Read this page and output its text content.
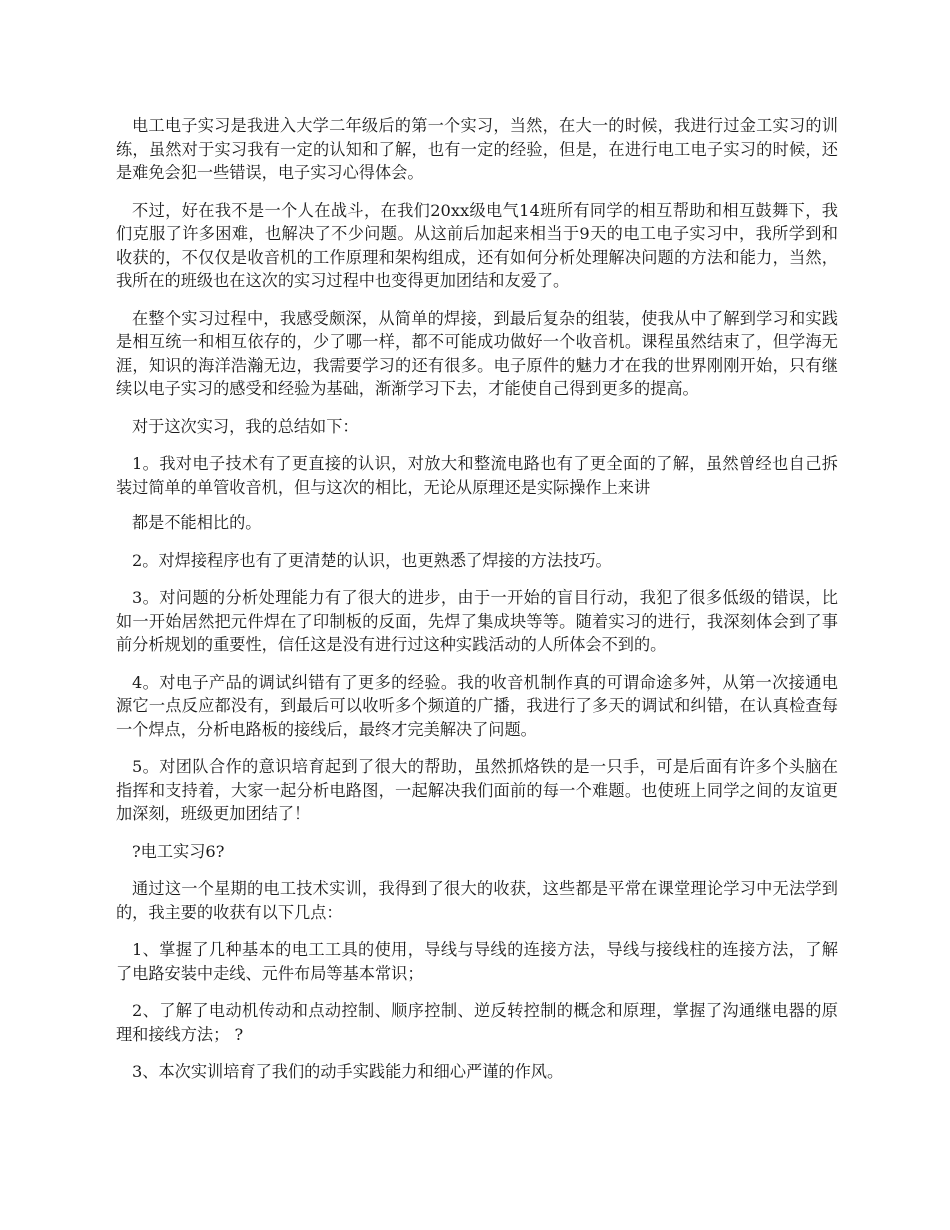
电工电子实习是我进入大学二年级后的第一个实习，当然，在大一的时候，我进行过金工实习的训练，虽然对于实习我有一定的认知和了解，也有一定的经验，但是，在进行电工电子实习的时候，还是难免会犯一些错误，电子实习心得体会。

不过，好在我不是一个人在战斗，在我们20xx级电气14班所有同学的相互帮助和相互鼓舞下，我们克服了许多困难，也解决了不少问题。从这前后加起来相当于9天的电工电子实习中，我所学到和收获的，不仅仅是收音机的工作原理和架构组成，还有如何分析处理解决问题的方法和能力，当然，我所在的班级也在这次的实习过程中也变得更加团结和友爱了。

在整个实习过程中，我感受颇深，从简单的焊接，到最后复杂的组装，使我从中了解到学习和实践是相互统一和相互依存的，少了哪一样，都不可能成功做好一个收音机。课程虽然结束了，但学海无涯，知识的海洋浩瀚无边，我需要学习的还有很多。电子原件的魅力才在我的世界刚刚开始，只有继续以电子实习的感受和经验为基础，渐渐学习下去，才能使自己得到更多的提高。

对于这次实习，我的总结如下：

1。我对电子技术有了更直接的认识，对放大和整流电路也有了更全面的了解，虽然曾经也自己拆装过简单的单管收音机，但与这次的相比，无论从原理还是实际操作上来讲

都是不能相比的。

2。对焊接程序也有了更清楚的认识，也更熟悉了焊接的方法技巧。

3。对问题的分析处理能力有了很大的进步，由于一开始的盲目行动，我犯了很多低级的错误，比如一开始居然把元件焊在了印制板的反面，先焊了集成块等等。随着实习的进行，我深刻体会到了事前分析规划的重要性，信任这是没有进行过这种实践活动的人所体会不到的。

4。对电子产品的调试纠错有了更多的经验。我的收音机制作真的可谓命途多舛，从第一次接通电源它一点反应都没有，到最后可以收听多个频道的广播，我进行了多天的调试和纠错，在认真检查每一个焊点，分析电路板的接线后，最终才完美解决了问题。

5。对团队合作的意识培育起到了很大的帮助，虽然抓烙铁的是一只手，可是后面有许多个头脑在指挥和支持着，大家一起分析电路图，一起解决我们面前的每一个难题。也使班上同学之间的友谊更加深刻，班级更加团结了！

?电工实习6?

通过这一个星期的电工技术实训，我得到了很大的收获，这些都是平常在课堂理论学习中无法学到的，我主要的收获有以下几点：

1、掌握了几种基本的电工工具的使用，导线与导线的连接方法，导线与接线柱的连接方法，了解了电路安装中走线、元件布局等基本常识；

2、了解了电动机传动和点动控制、顺序控制、逆反转控制的概念和原理，掌握了沟通继电器的原理和接线方法； ?

3、本次实训培育了我们的动手实践能力和细心严谨的作风。
